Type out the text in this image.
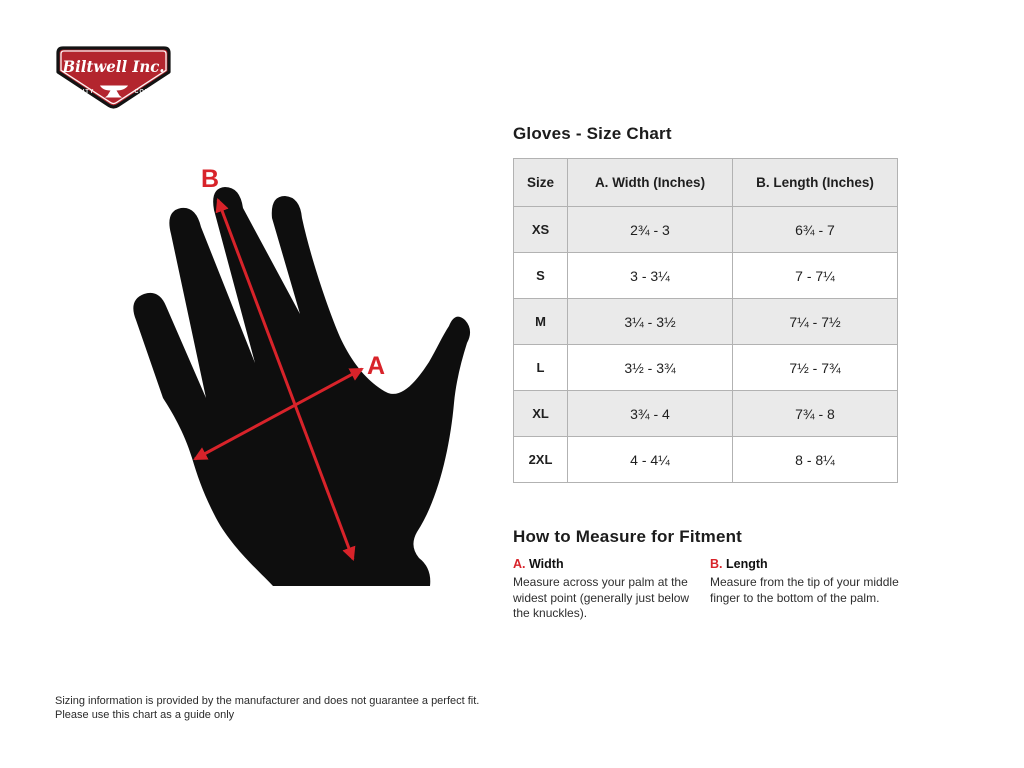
Biltwell Inc.
“QUALITY	COUNTS”
B
A
Gloves - Size Chart
Size	A. Width (Inches)	B. Length (Inches)
XS	2¾ - 3	6¾ - 7
S	3 - 3¼	7 - 7¼
M	3¼ - 3½	7¼ - 7½
L	3½ - 3¾	7½ - 7¾
XL	3¾ - 4	7¾ - 8
2XL	4 - 4¼	8 - 8¼
How to Measure for Fitment
A. Width
Measure across your palm at the widest point (generally just below the knuckles).
B. Length
Measure from the tip of your middle finger to the bottom of the palm.
Sizing information is provided by the manufacturer and does not guarantee a perfect fit.
Please use this chart as a guide only
